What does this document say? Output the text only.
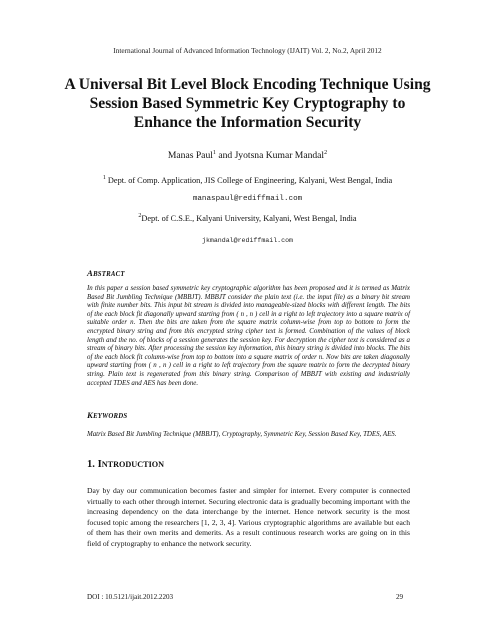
International Journal of Advanced Information Technology (IJAIT) Vol. 2, No.2, April 2012
A Universal Bit Level Block Encoding Technique Using Session Based Symmetric Key Cryptography to Enhance the Information Security
Manas Paul$^1$ and Jyotsna Kumar Mandal$^2$
$^1$ Dept. of Comp. Application, JIS College of Engineering, Kalyani, West Bengal, India
manaspaul@rediffmail.com
$^2$Dept. of C.S.E., Kalyani University, Kalyani, West Bengal, India
jkmandal@rediffmail.com
ABSTRACT
In this paper a session based symmetric key cryptographic algorithm has been proposed and it is termed as Matrix Based Bit Jumbling Technique (MBBJT). MBBJT consider the plain text (i.e. the input file) as a binary bit stream with finite number bits. This input bit stream is divided into manageable-sized blocks with different length. The bits of the each block fit diagonally upward starting from ( n , n ) cell in a right to left trajectory into a square matrix of suitable order n. Then the bits are taken from the square matrix column-wise from top to bottom to form the encrypted binary string and from this encrypted string cipher text is formed. Combination of the values of block length and the no. of blocks of a session generates the session key. For decryption the cipher text is considered as a stream of binary bits. After processing the session key information, this binary string is divided into blocks. The bits of the each block fit column-wise from top to bottom into a square matrix of order n. Now bits are taken diagonally upward starting from ( n , n ) cell in a right to left trajectory from the square matrix to form the decrypted binary string. Plain text is regenerated from this binary string. Comparison of MBBJT with existing and industrially accepted TDES and AES has been done.
KEYWORDS
Matrix Based Bit Jumbling Technique (MBBJT), Cryptography, Symmetric Key, Session Based Key, TDES, AES.
1. INTRODUCTION
Day by day our communication becomes faster and simpler for internet. Every computer is connected virtually to each other through internet. Securing electronic data is gradually becoming important with the increasing dependency on the data interchange by the internet. Hence network security is the most focused topic among the researchers [1, 2, 3, 4]. Various cryptographic algorithms are available but each of them has their own merits and demerits. As a result continuous research works are going on in this field of cryptography to enhance the network security.
DOI : 10.5121/ijait.2012.2203	29
